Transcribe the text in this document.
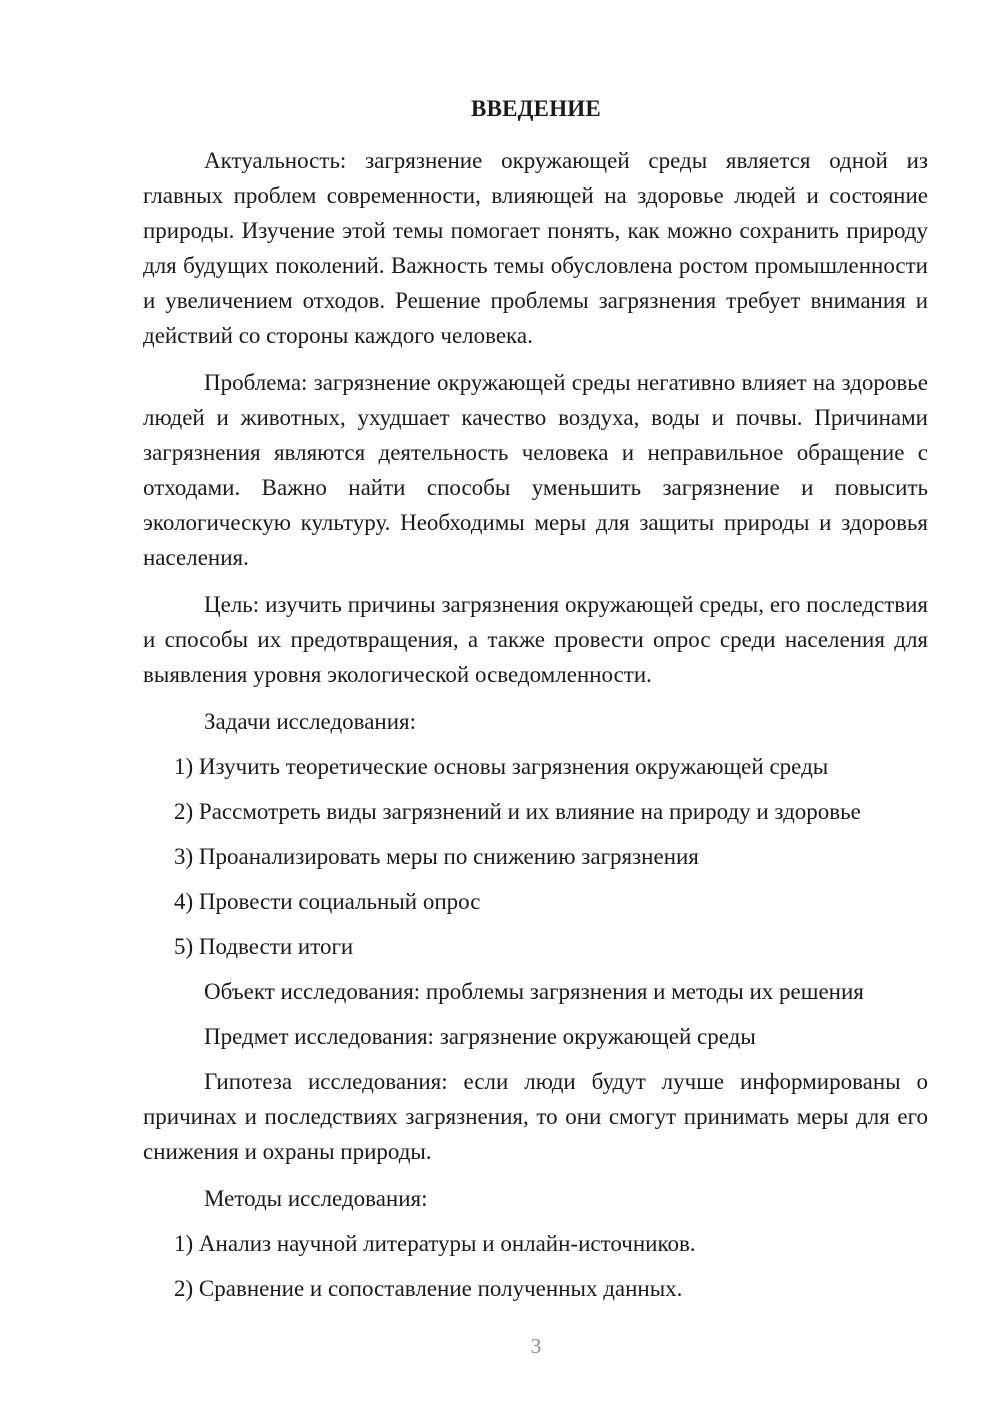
ВВЕДЕНИЕ

Актуальность: загрязнение окружающей среды является одной из главных проблем современности, влияющей на здоровье людей и состояние природы. Изучение этой темы помогает понять, как можно сохранить природу для будущих поколений. Важность темы обусловлена ростом промышленности и увеличением отходов. Решение проблемы загрязнения требует внимания и действий со стороны каждого человека.

Проблема: загрязнение окружающей среды негативно влияет на здоровье людей и животных, ухудшает качество воздуха, воды и почвы. Причинами загрязнения являются деятельность человека и неправильное обращение с отходами. Важно найти способы уменьшить загрязнение и повысить экологическую культуру. Необходимы меры для защиты природы и здоровья населения.

Цель: изучить причины загрязнения окружающей среды, его последствия и способы их предотвращения, а также провести опрос среди населения для выявления уровня экологической осведомленности.

Задачи исследования:

1) Изучить теоретические основы загрязнения окружающей среды

2) Рассмотреть виды загрязнений и их влияние на природу и здоровье

3) Проанализировать меры по снижению загрязнения

4) Провести социальный опрос

5) Подвести итоги

Объект исследования: проблемы загрязнения и методы их решения

Предмет исследования: загрязнение окружающей среды

Гипотеза исследования: если люди будут лучше информированы о причинах и последствиях загрязнения, то они смогут принимать меры для его снижения и охраны природы.

Методы исследования:

1) Анализ научной литературы и онлайн-источников.

2) Сравнение и сопоставление полученных данных.

3
